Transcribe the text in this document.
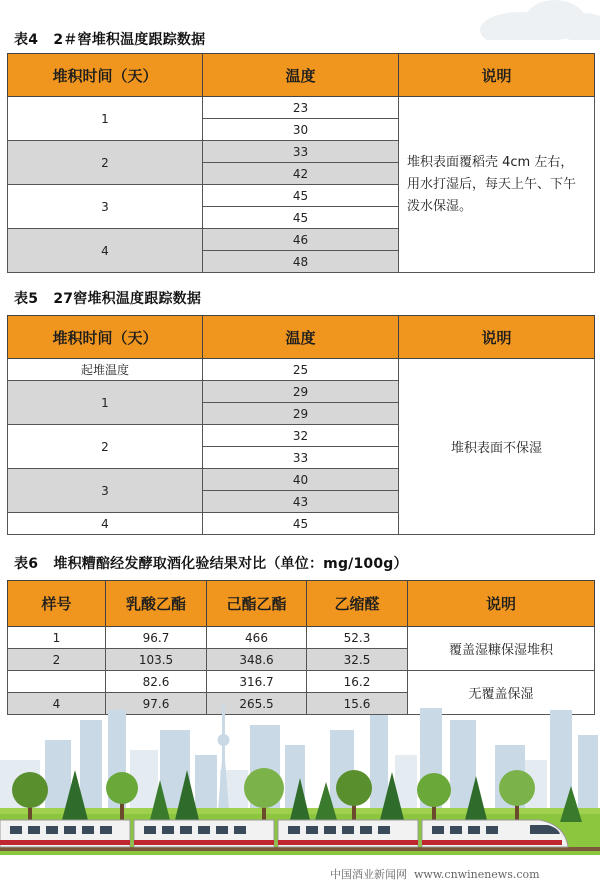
表4   2＃窖堆积温度跟踪数据
堆积时间（天）	温度	说明
1	23	堆积表面覆稻壳 4cm 左右，用水打湿后，每天上午、下午泼水保湿。
	30	
2	33	
	42	
3	45	
	45	
4	46	
	48	
表5   27窖堆积温度跟踪数据
堆积时间（天）	温度	说明
起堆温度	25	堆积表面不保湿
1	29	
	29	
2	32	
	33	
3	40	
	43	
4	45	
表6   堆积糟醅经发酵取酒化验结果对比（单位：mg/100g）
样号	乳酸乙酯	己酯乙酯	乙缩醛	说明
1	96.7	466	52.3	覆盖湿糠保湿堆积
2	103.5	348.6	32.5	
	82.6	316.7	16.2	无覆盖保湿
4	97.6	265.5	15.6	
中国酒业新闻网  www.cnwinenews.com
